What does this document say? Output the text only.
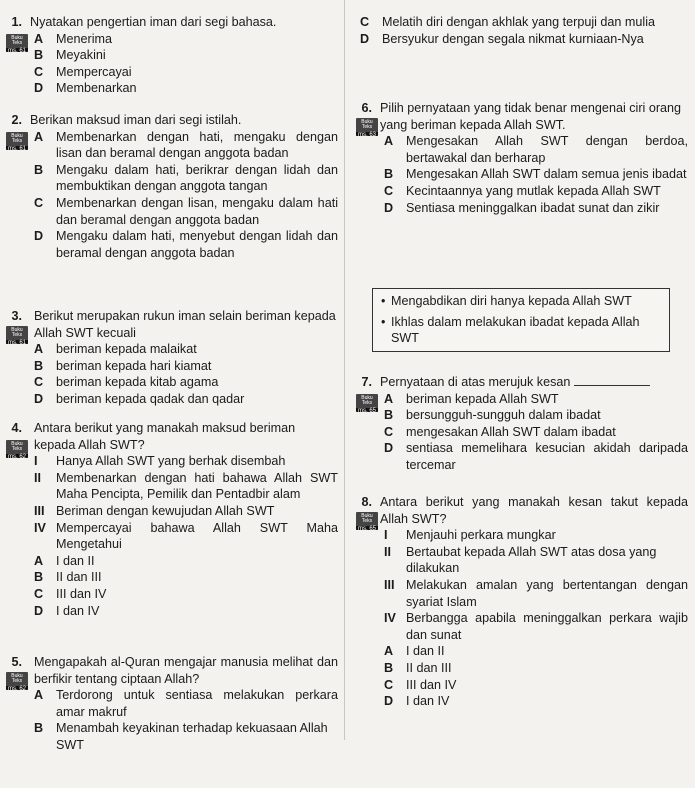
1. Nyatakan pengertian iman dari segi bahasa.
Buku Teks
ms. 61
A	Menerima
B	Meyakini
C	Mempercayai
D	Membenarkan
2. Berikan maksud iman dari segi istilah.
Buku Teks
ms. 61
A	Membenarkan dengan hati, mengaku dengan lisan dan beramal dengan anggota badan
B	Mengaku dalam hati, berikrar dengan lidah dan membuktikan dengan anggota tangan
C	Membenarkan dengan lisan, mengaku dalam hati dan beramal dengan anggota badan
D	Mengaku dalam hati, menyebut dengan lidah dan beramal dengan anggota badan
3. Berikut merupakan rukun iman selain beriman kepada Allah SWT kecuali
Buku Teks
ms. 61 A	beriman kepada malaikat
B	beriman kepada hari kiamat
C	beriman kepada kitab agama
D	beriman kepada qadak dan qadar
4. Antara berikut yang manakah maksud beriman kepada Allah SWT?
Buku Teks
ms. 62 I	Hanya Allah SWT yang berhak disembah
II	Membenarkan dengan hati bahawa Allah SWT Maha Pencipta, Pemilik dan Pentadbir alam
III Beriman dengan kewujudan Allah SWT
IV Mempercayai bahawa Allah SWT Maha Mengetahui
A	I dan II
B	II dan III
C	III dan IV
D	I dan IV
5. Mengapakah al-Quran mengajar manusia melihat dan berfikir tentang ciptaan Allah?
Buku Teks
ms. 62 A	Terdorong untuk sentiasa melakukan perkara amar makruf
B	Menambah keyakinan terhadap kekuasaan Allah SWT
C	Melatih diri dengan akhlak yang terpuji dan mulia
D	Bersyukur dengan segala nikmat kurniaan-Nya
6. Pilih pernyataan yang tidak benar mengenai ciri orang yang beriman kepada Allah SWT.
Buku Teks
ms. 63 A	Mengesakan Allah SWT dengan berdoa, bertawakal dan berharap
B	Mengesakan Allah SWT dalam semua jenis ibadat
C	Kecintaannya yang mutlak kepada Allah SWT
D	Sentiasa meninggalkan ibadat sunat dan zikir
• Mengabdikan diri hanya kepada Allah SWT
• Ikhlas dalam melakukan ibadat kepada Allah SWT
7. Pernyataan di atas merujuk kesan
Buku Teks
ms. 65
A	beriman kepada Allah SWT
B	bersungguh-sungguh dalam ibadat
C	mengesakan Allah SWT dalam ibadat
D	sentiasa memelihara kesucian akidah daripada tercemar
8. Antara berikut yang manakah kesan takut kepada Allah SWT?
Buku Teks
ms. 65 I	Menjauhi perkara mungkar
II	Bertaubat kepada Allah SWT atas dosa yang dilakukan
III Melakukan amalan yang bertentangan dengan syariat Islam
IV Berbangga apabila meninggalkan perkara wajib dan sunat
A	I dan II
B	II dan III
C	III dan IV
D	I dan IV
